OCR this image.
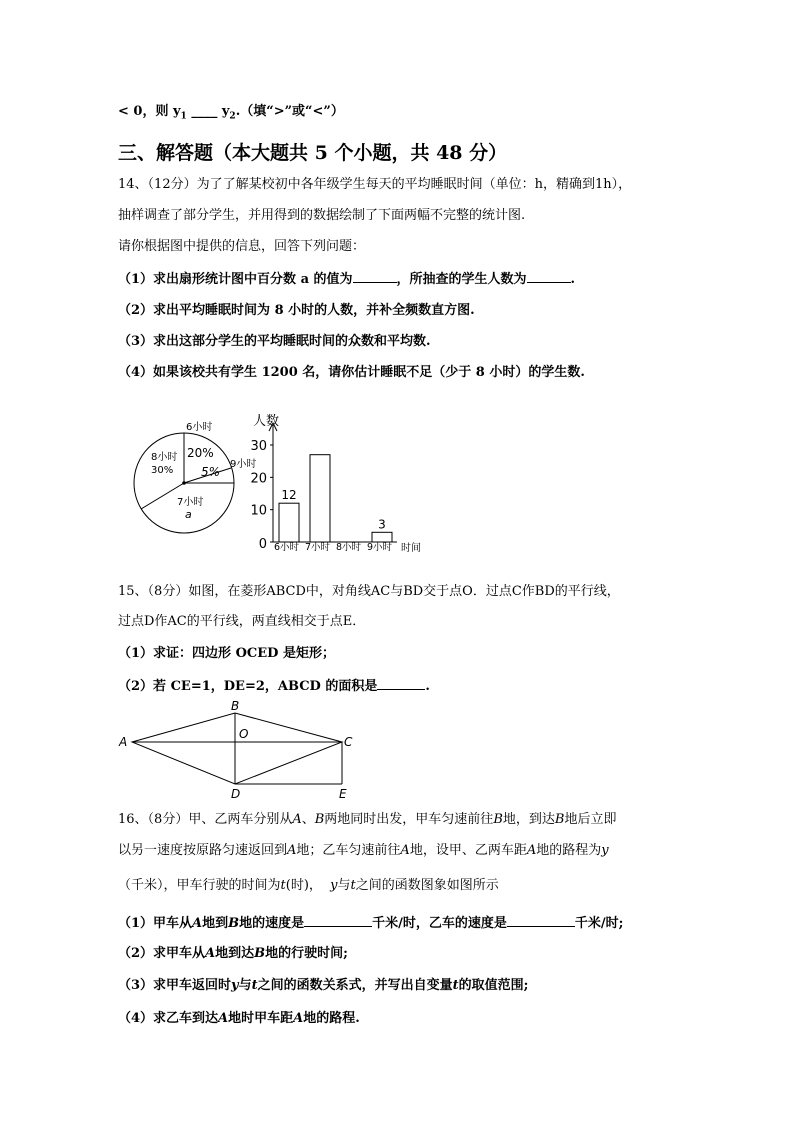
< 0，则 $y_1$ ____ $y_2$.（填“>”或“<”）
三、解答题（本大题共 5 个小题，共 48 分）
14、（12分）为了了解某校初中各年级学生每天的平均睡眠时间（单位：h，精确到1h），
抽样调查了部分学生，并用得到的数据绘制了下面两幅不完整的统计图.
请你根据图中提供的信息，回答下列问题：
（1）求出扇形统计图中百分数 a 的值为	，所抽查的学生人数为	.
（2）求出平均睡眠时间为 8 小时的人数，并补全频数直方图.
（3）求出这部分学生的平均睡眠时间的众数和平均数.
（4）如果该校共有学生 1200 名，请你估计睡眠不足（少于 8 小时）的学生数.
6小时
20%
9小时
5%
8小时
30%
7小时
a
人数
时间
0
10
20
30
12
6小时 7小时 8小时
3
9小时
15、（8分）如图，在菱形ABCD中，对角线AC与BD交于点O．过点C作BD的平行线，
过点D作AC的平行线，两直线相交于点E．
（1）求证：四边形 OCED 是矩形；
（2）若 CE=1，DE=2，ABCD 的面积是	.
A
B
C
D	E
O
16、（8分）甲、乙两车分别从A、B两地同时出发，甲车匀速前往B地，到达B地后立即
以另一速度按原路匀速返回到A地；乙车匀速前往A地，设甲、乙两车距A地的路程为y
（千米），甲车行驶的时间为t(时)， y与t之间的函数图象如图所示
（1）甲车从A地到B地的速度是	千米/时，乙车的速度是	千米/时;
（2）求甲车从A地到达B地的行驶时间;
（3）求甲车返回时y与t之间的函数关系式，并写出自变量t的取值范围;
（4）求乙车到达A地时甲车距A地的路程.
